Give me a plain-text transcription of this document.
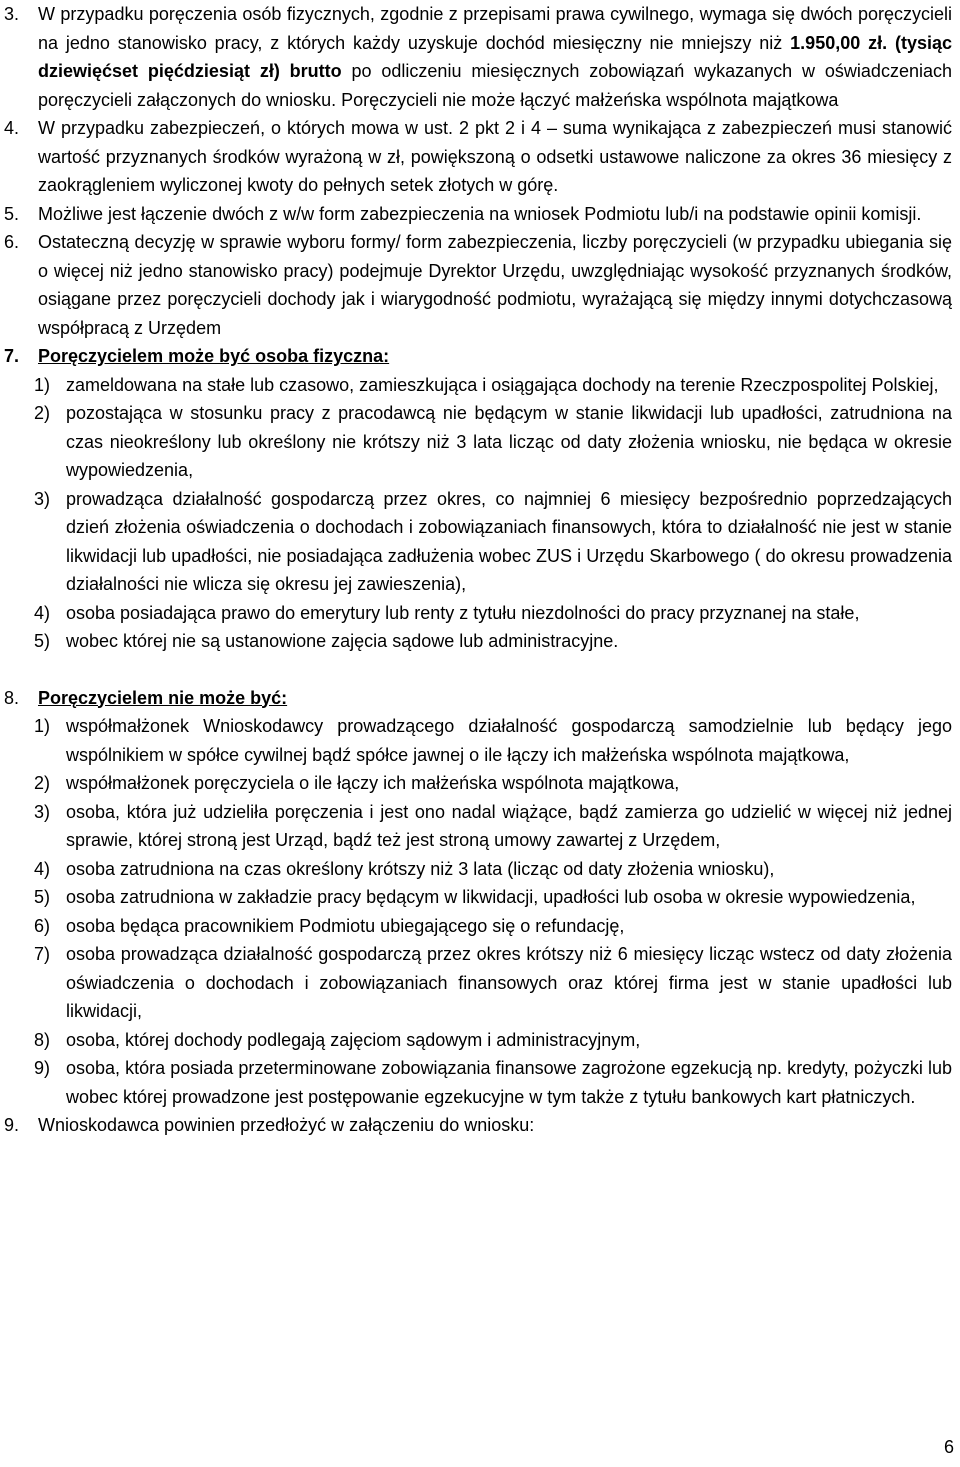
3. W przypadku poręczenia osób fizycznych, zgodnie z przepisami prawa cywilnego, wymaga się dwóch poręczycieli na jedno stanowisko pracy, z których każdy uzyskuje dochód miesięczny nie mniejszy niż 1.950,00 zł. (tysiąc dziewięćset pięćdziesiąt zł) brutto po odliczeniu miesięcznych zobowiązań wykazanych w oświadczeniach poręczycieli załączonych do wniosku. Poręczycieli nie może łączyć małżeńska wspólnota majątkowa
4. W przypadku zabezpieczeń, o których mowa w ust. 2 pkt 2 i 4 – suma wynikająca z zabezpieczeń musi stanowić wartość przyznanych środków wyrażoną w zł, powiększoną o odsetki ustawowe naliczone za okres 36 miesięcy z zaokrągleniem wyliczonej kwoty do pełnych setek złotych w górę.
5. Możliwe jest łączenie dwóch z w/w form zabezpieczenia na wniosek Podmiotu lub/i na podstawie opinii komisji.
6. Ostateczną decyzję w sprawie wyboru formy/ form zabezpieczenia, liczby poręczycieli (w przypadku ubiegania się o więcej niż jedno stanowisko pracy) podejmuje Dyrektor Urzędu, uwzględniając wysokość przyznanych środków, osiągane przez poręczycieli dochody jak i wiarygodność podmiotu, wyrażającą się między innymi dotychczasową współpracą z Urzędem
7. Poręczycielem może być osoba fizyczna:
1) zameldowana na stałe lub czasowo, zamieszkująca i osiągająca dochody na terenie Rzeczpospolitej Polskiej,
2) pozostająca w stosunku pracy z pracodawcą nie będącym w stanie likwidacji lub upadłości, zatrudniona na czas nieokreślony lub określony nie krótszy niż 3 lata licząc od daty złożenia wniosku, nie będąca w okresie wypowiedzenia,
3) prowadząca działalność gospodarczą przez okres, co najmniej 6 miesięcy bezpośrednio poprzedzających dzień złożenia oświadczenia o dochodach i zobowiązaniach finansowych, która to działalność nie jest w stanie likwidacji lub upadłości, nie posiadająca zadłużenia wobec ZUS i Urzędu Skarbowego ( do okresu prowadzenia działalności nie wlicza się okresu jej zawieszenia),
4) osoba posiadająca prawo do emerytury lub renty z tytułu niezdolności do pracy przyznanej na stałe,
5) wobec której nie są ustanowione zajęcia sądowe lub administracyjne.
8. Poręczycielem nie może być:
1) współmałżonek Wnioskodawcy prowadzącego działalność gospodarczą samodzielnie lub będący jego wspólnikiem w spółce cywilnej bądź spółce jawnej o ile łączy ich małżeńska wspólnota majątkowa,
2) współmałżonek poręczyciela o ile łączy ich małżeńska wspólnota majątkowa,
3) osoba, która już udzieliła poręczenia i jest ono nadal wiążące, bądź zamierza go udzielić w więcej niż jednej sprawie, której stroną jest Urząd, bądź też jest stroną umowy zawartej z Urzędem,
4) osoba zatrudniona na czas określony krótszy niż 3 lata (licząc od daty złożenia wniosku),
5) osoba zatrudniona w zakładzie pracy będącym w likwidacji, upadłości lub osoba w okresie wypowiedzenia,
6) osoba będąca pracownikiem Podmiotu ubiegającego się o refundację,
7) osoba prowadząca działalność gospodarczą przez okres krótszy niż 6 miesięcy licząc wstecz od daty złożenia oświadczenia o dochodach i zobowiązaniach finansowych oraz której firma jest w stanie upadłości lub likwidacji,
8) osoba, której dochody podlegają zajęciom sądowym i administracyjnym,
9) osoba, która posiada przeterminowane zobowiązania finansowe zagrożone egzekucją np. kredyty, pożyczki lub wobec której prowadzone jest postępowanie egzekucyjne w tym także z tytułu bankowych kart płatniczych.
9. Wnioskodawca powinien przedłożyć w załączeniu do wniosku:
6
